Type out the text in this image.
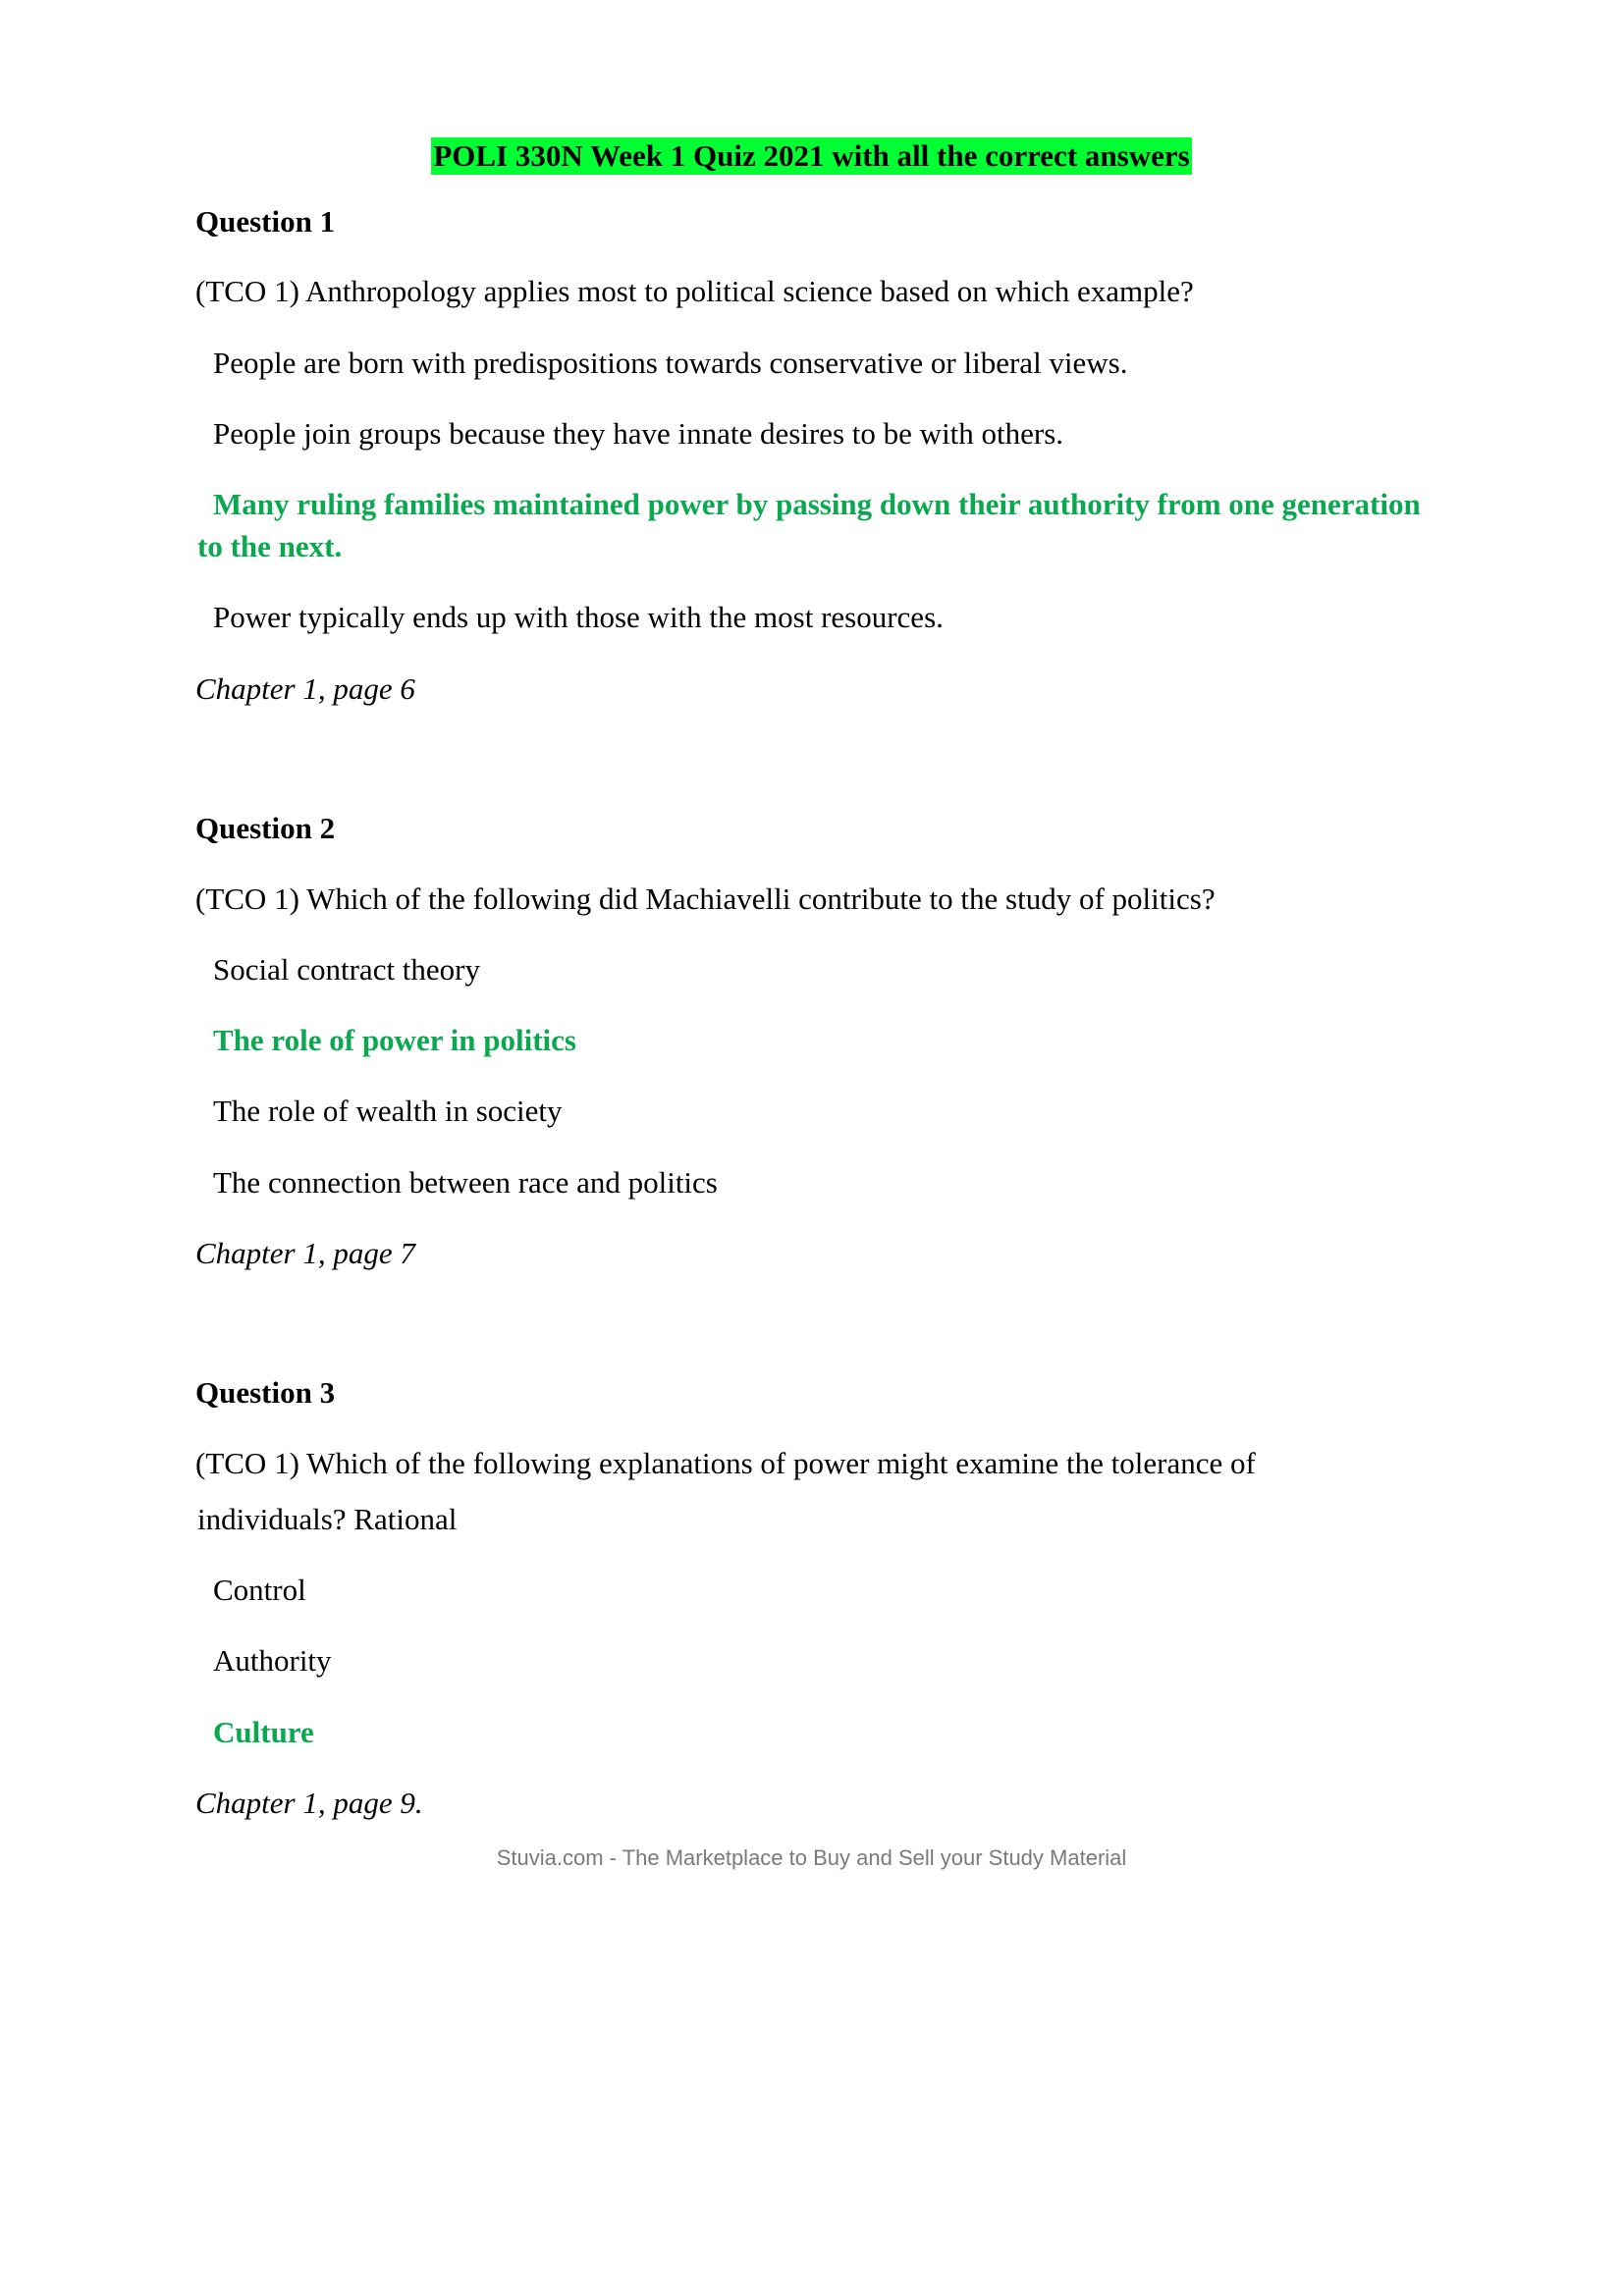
POLI 330N Week 1 Quiz 2021 with all the correct answers
Question 1
(TCO 1) Anthropology applies most to political science based on which example?
People are born with predispositions towards conservative or liberal views.
People join groups because they have innate desires to be with others.
Many ruling families maintained power by passing down their authority from one generation
to the next.
Power typically ends up with those with the most resources.
Chapter 1, page 6
Question 2
(TCO 1) Which of the following did Machiavelli contribute to the study of politics?
Social contract theory
The role of power in politics
The role of wealth in society
The connection between race and politics
Chapter 1, page 7
Question 3
(TCO 1) Which of the following explanations of power might examine the tolerance of
individuals? Rational
Control
Authority
Culture
Chapter 1, page 9.
Stuvia.com - The Marketplace to Buy and Sell your Study Material
